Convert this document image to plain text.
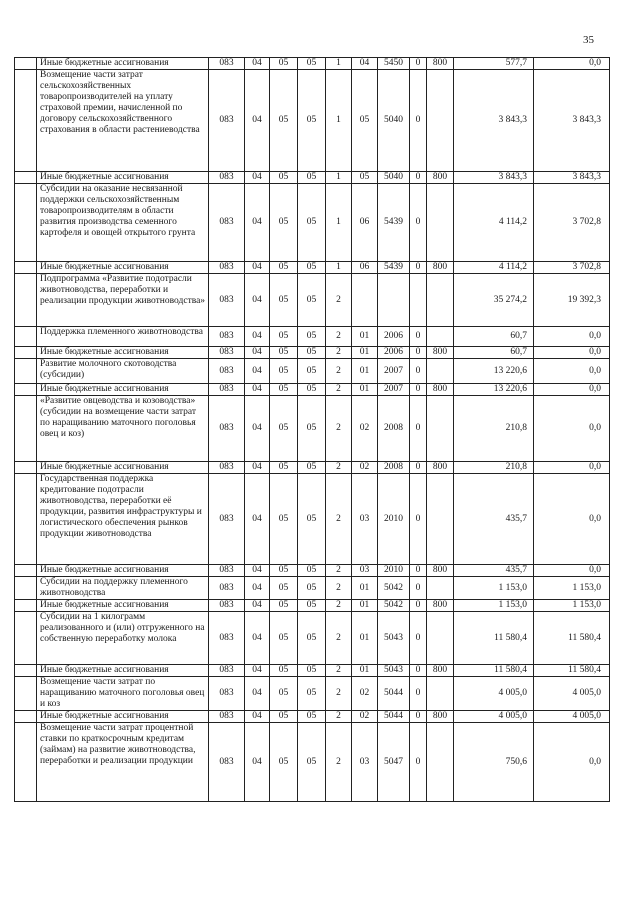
35
	Иные бюджетные ассигнования	083	04	05	05	1	04	5450	0	800	577,7	0,0
	Возмещение части затрат сельскохозяйственных товаропроизводителей на уплату страховой премии, начисленной по договору сельскохозяйственного страхования в области растениеводства	083	04	05	05	1	05	5040	0		3 843,3	3 843,3
	Иные бюджетные ассигнования	083	04	05	05	1	05	5040	0	800	3 843,3	3 843,3
	Субсидии на оказание несвязанной поддержки сельскохозяйственным товаропроизводителям в области развития производства семенного картофеля и овощей открытого грунта	083	04	05	05	1	06	5439	0		4 114,2	3 702,8
	Иные бюджетные ассигнования	083	04	05	05	1	06	5439	0	800	4 114,2	3 702,8
	Подпрограмма «Развитие подотрасли животноводства, переработки и реализации продукции животноводства»	083	04	05	05	2					35 274,2	19 392,3
	Поддержка племенного животноводства	083	04	05	05	2	01	2006	0		60,7	0,0
	Иные бюджетные ассигнования	083	04	05	05	2	01	2006	0	800	60,7	0,0
	Развитие молочного скотоводства (субсидии)	083	04	05	05	2	01	2007	0		13 220,6	0,0
	Иные бюджетные ассигнования	083	04	05	05	2	01	2007	0	800	13 220,6	0,0
	«Развитие овцеводства и козоводства» (субсидии на возмещение части затрат по наращиванию маточного поголовья овец и коз)	083	04	05	05	2	02	2008	0		210,8	0,0
	Иные бюджетные ассигнования	083	04	05	05	2	02	2008	0	800	210,8	0,0
	Государственная поддержка кредитование подотрасли животноводства, переработки её продукции, развития инфраструктуры и логистического обеспечения рынков продукции животноводства	083	04	05	05	2	03	2010	0		435,7	0,0
	Иные бюджетные ассигнования	083	04	05	05	2	03	2010	0	800	435,7	0,0
	Субсидии на поддержку племенного животноводства	083	04	05	05	2	01	5042	0		1 153,0	1 153,0
	Иные бюджетные ассигнования	083	04	05	05	2	01	5042	0	800	1 153,0	1 153,0
	Субсидии на 1 килограмм реализованного и (или) отгруженного на собственную переработку молока	083	04	05	05	2	01	5043	0		11 580,4	11 580,4
	Иные бюджетные ассигнования	083	04	05	05	2	01	5043	0	800	11 580,4	11 580,4
	Возмещение части затрат по наращиванию маточного поголовья овец и коз	083	04	05	05	2	02	5044	0		4 005,0	4 005,0
	Иные бюджетные ассигнования	083	04	05	05	2	02	5044	0	800	4 005,0	4 005,0
	Возмещение части затрат процентной ставки по краткосрочным кредитам (займам) на развитие животноводства, переработки и реализации продукции	083	04	05	05	2	03	5047	0		750,6	0,0
